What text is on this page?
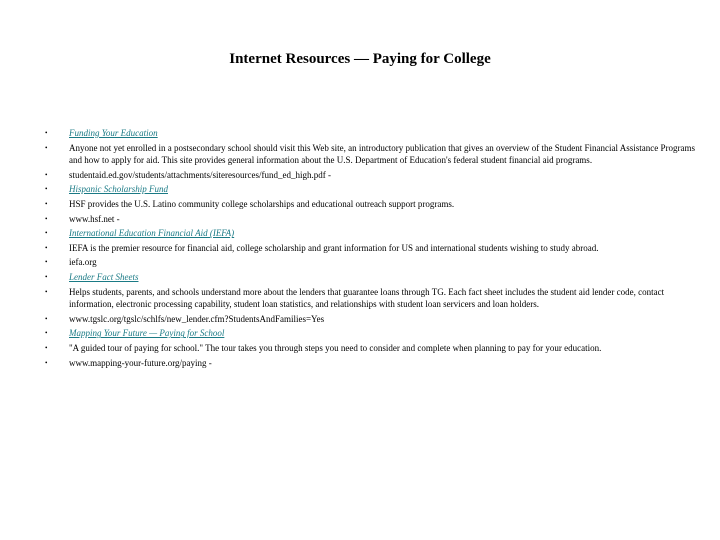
Internet Resources — Paying for College
• Funding Your Education
• Anyone not yet enrolled in a postsecondary school should visit this Web site, an introductory publication that gives an overview of the Student Financial Assistance Programs and how to apply for aid. This site provides general information about the U.S. Department of Education's federal student financial aid programs.
• studentaid.ed.gov/students/attachments/siteresources/fund_ed_high.pdf -
• Hispanic Scholarship Fund
• HSF provides the U.S. Latino community college scholarships and educational outreach support programs.
• www.hsf.net -
• International Education Financial Aid (IEFA)
• IEFA is the premier resource for financial aid, college scholarship and grant information for US and international students wishing to study abroad.
• iefa.org
• Lender Fact Sheets
• Helps students, parents, and schools understand more about the lenders that guarantee loans through TG. Each fact sheet includes the student aid lender code, contact information, electronic processing capability, student loan statistics, and relationships with student loan servicers and loan holders.
• www.tgslc.org/tgslc/schlfs/new_lender.cfm?StudentsAndFamilies=Yes
• Mapping Your Future — Paying for School
• "A guided tour of paying for school." The tour takes you through steps you need to consider and complete when planning to pay for your education.
• www.mapping-your-future.org/paying -
